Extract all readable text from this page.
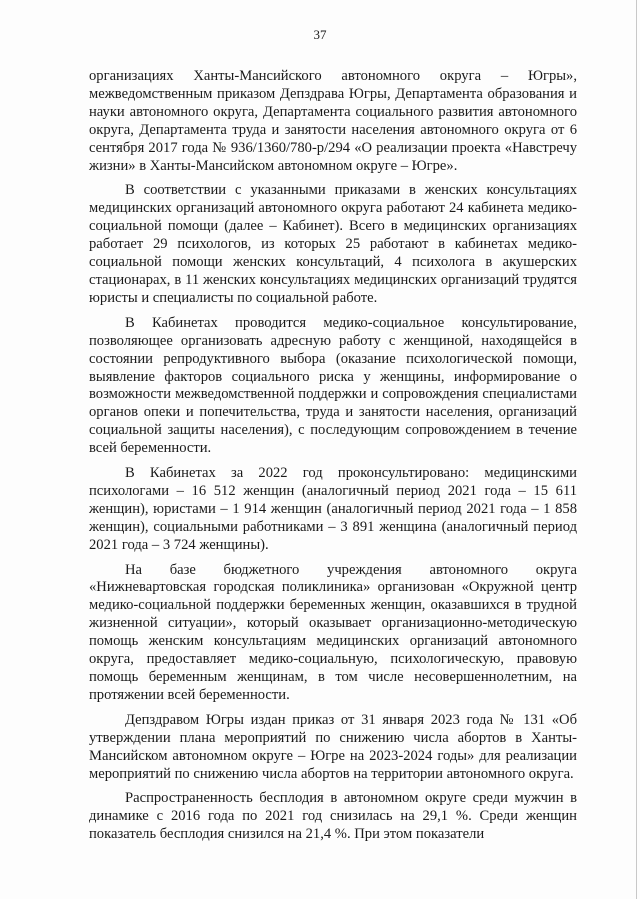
37

организациях Ханты-Мансийского автономного округа – Югры», межведомственным приказом Депздрава Югры, Департамента образования и науки автономного округа, Департамента социального развития автономного округа, Департамента труда и занятости населения автономного округа от 6 сентября 2017 года № 936/1360/780-р/294 «О реализации проекта «Навстречу жизни» в Ханты-Мансийском автономном округе – Югре».

В соответствии с указанными приказами в женских консультациях медицинских организаций автономного округа работают 24 кабинета медико-социальной помощи (далее – Кабинет). Всего в медицинских организациях работает 29 психологов, из которых 25 работают в кабинетах медико-социальной помощи женских консультаций, 4 психолога в акушерских стационарах, в 11 женских консультациях медицинских организаций трудятся юристы и специалисты по социальной работе.

В Кабинетах проводится медико-социальное консультирование, позволяющее организовать адресную работу с женщиной, находящейся в состоянии репродуктивного выбора (оказание психологической помощи, выявление факторов социального риска у женщины, информирование о возможности межведомственной поддержки и сопровождения специалистами органов опеки и попечительства, труда и занятости населения, организаций социальной защиты населения), с последующим сопровождением в течение всей беременности.

В Кабинетах за 2022 год проконсультировано: медицинскими психологами – 16 512 женщин (аналогичный период 2021 года – 15 611 женщин), юристами – 1 914 женщин (аналогичный период 2021 года – 1 858 женщин), социальными работниками – 3 891 женщина (аналогичный период 2021 года – 3 724 женщины).

На базе бюджетного учреждения автономного округа «Нижневартовская городская поликлиника» организован «Окружной центр медико-социальной поддержки беременных женщин, оказавшихся в трудной жизненной ситуации», который оказывает организационно-методическую помощь женским консультациям медицинских организаций автономного округа, предоставляет медико-социальную, психологическую, правовую помощь беременным женщинам, в том числе несовершеннолетним, на протяжении всей беременности.

Депздравом Югры издан приказ от 31 января 2023 года № 131 «Об утверждении плана мероприятий по снижению числа абортов в Ханты-Мансийском автономном округе – Югре на 2023-2024 годы» для реализации мероприятий по снижению числа абортов на территории автономного округа.

Распространенность бесплодия в автономном округе среди мужчин в динамике с 2016 года по 2021 год снизилась на 29,1 %. Среди женщин показатель бесплодия снизился на 21,4 %. При этом показатели
